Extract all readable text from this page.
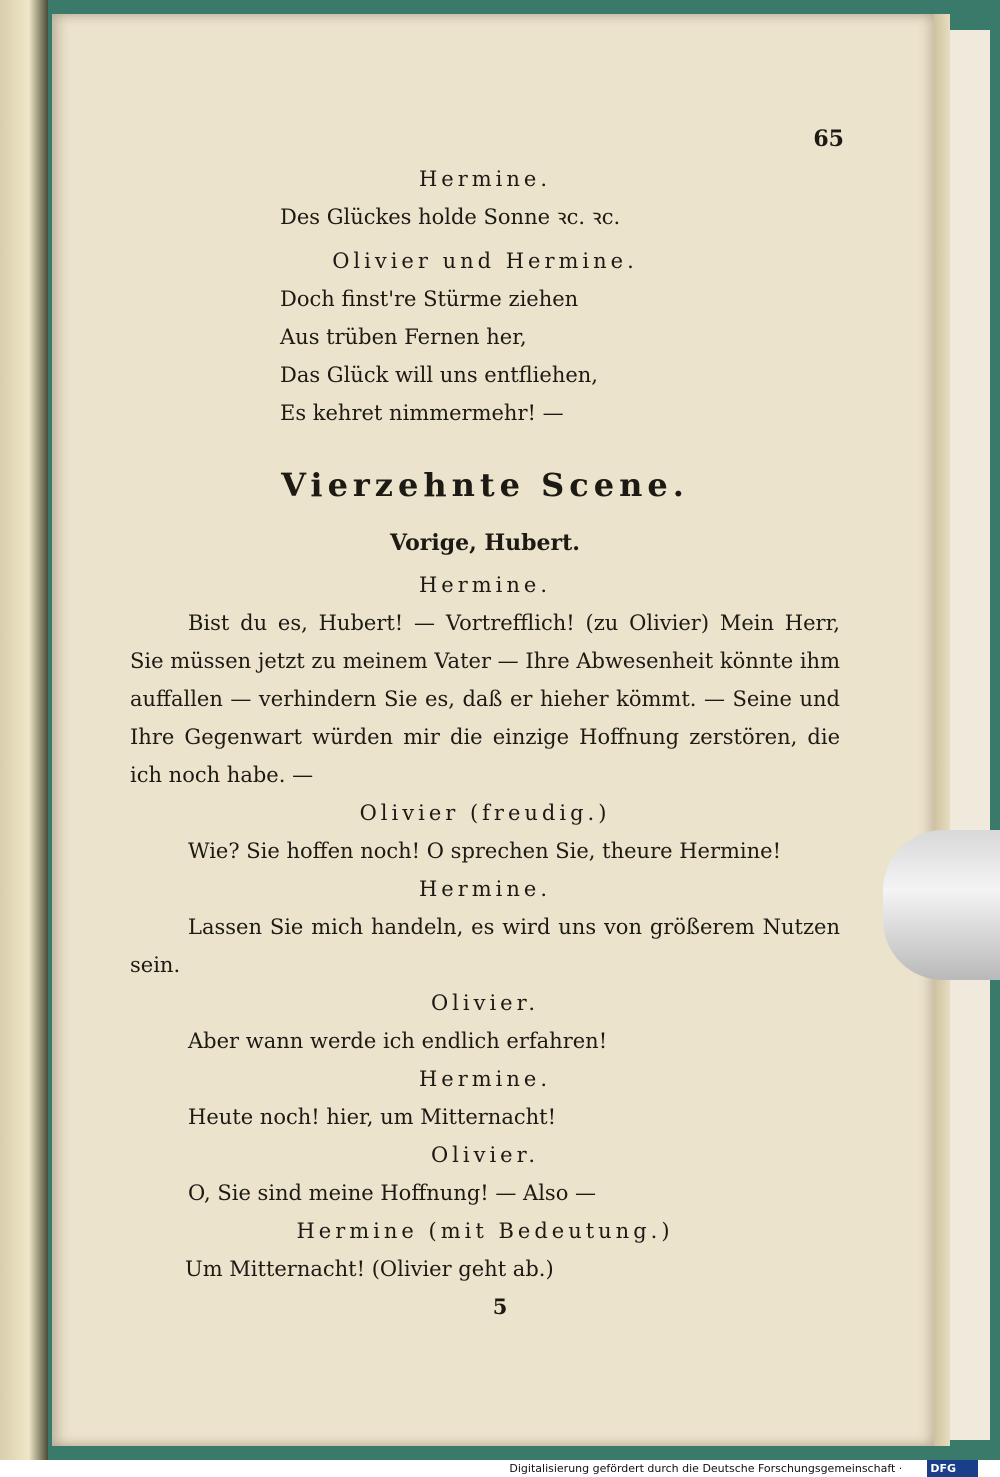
65

Hermine.

Des Glückes holde Sonne ꝛc. ꝛc.

Olivier und Hermine.

Doch finst're Stürme ziehen

Aus trüben Fernen her,

Das Glück will uns entfliehen,

Es kehret nimmermehr! —

Vierzehnte Scene.

Vorige, Hubert.

Hermine.

Bist du es, Hubert! — Vortrefflich! (zu Olivier) Mein Herr, Sie müssen jetzt zu meinem Vater — Ihre Abwesenheit könnte ihm auffallen — verhindern Sie es, daß er hieher kömmt. — Seine und Ihre Gegenwart würden mir die einzige Hoffnung zerstören, die ich noch habe. —

Olivier (freudig.)

Wie? Sie hoffen noch! O sprechen Sie, theure Hermine!

Hermine.

Lassen Sie mich handeln, es wird uns von größerem Nutzen sein.

Olivier.

Aber wann werde ich endlich erfahren!

Hermine.

Heute noch! hier, um Mitternacht!

Olivier.

O, Sie sind meine Hoffnung! — Also —

Hermine (mit Bedeutung.)

Um Mitternacht! (Olivier geht ab.)

5

Digitalisierung gefördert durch die Deutsche Forschungsgemeinschaft ·	DFG
